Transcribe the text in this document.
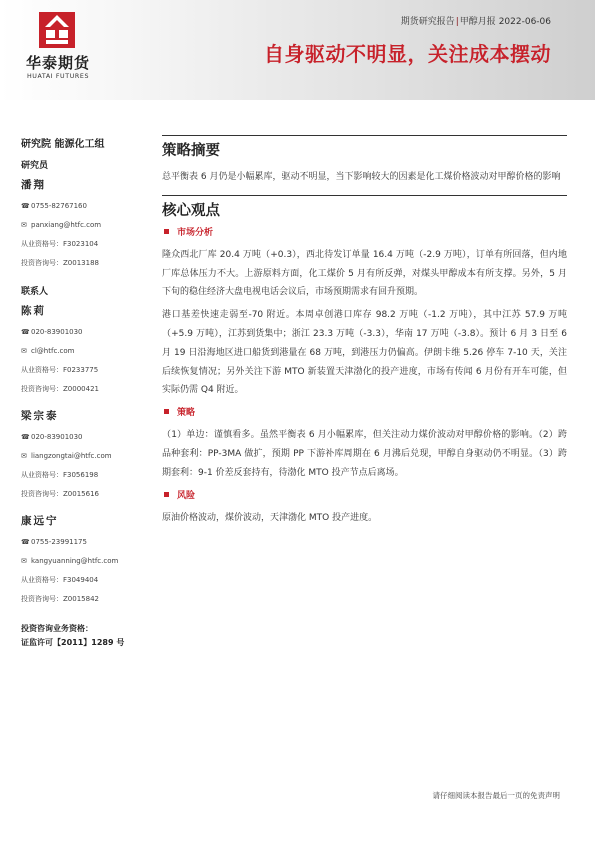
华泰期货
HUATAI FUTURES
期货研究报告|甲醇月报 2022-06-06
自身驱动不明显，关注成本摆动
研究院 能源化工组
研究员
潘翔
☎0755-82767160
✉ panxiang@htfc.com
从业资格号：F3023104
投资咨询号：Z0013188
联系人
陈莉
☎020-83901030
✉ cl@htfc.com
从业资格号：F0233775
投资咨询号：Z0000421
梁宗泰
☎020-83901030
✉ liangzongtai@htfc.com
从业资格号：F3056198
投资咨询号：Z0015616
康远宁
☎0755-23991175
✉ kangyuanning@htfc.com
从业资格号：F3049404
投资咨询号：Z0015842
投资咨询业务资格：
证监许可【2011】1289 号
策略摘要
总平衡表 6 月仍是小幅累库，驱动不明显，当下影响较大的因素是化工煤价格波动对甲醇价格的影响
核心观点
市场分析
隆众西北厂库 20.4 万吨（+0.3），西北待发订单量 16.4 万吨（-2.9 万吨），订单有所回落，但内地厂库总体压力不大。上游原料方面，化工煤价 5 月有所反弹，对煤头甲醇成本有所支撑。另外，5 月下旬的稳住经济大盘电视电话会议后，市场预期需求有回升预期。
港口基差快速走弱至-70 附近。本周卓创港口库存 98.2 万吨（-1.2 万吨），其中江苏 57.9 万吨（+5.9 万吨），江苏到货集中；浙江 23.3 万吨（-3.3），华南 17 万吨（-3.8）。预计 6 月 3 日至 6 月 19 日沿海地区进口船货到港量在 68 万吨，到港压力仍偏高。伊朗卡维 5.26 停车 7-10 天，关注后续恢复情况；另外关注下游 MTO 新装置天津渤化的投产进度，市场有传闻 6 月份有开车可能，但实际仍需 Q4 附近。
策略
（1）单边：谨慎看多。虽然平衡表 6 月小幅累库，但关注动力煤价波动对甲醇价格的影响。（2）跨品种套利：PP-3MA 做扩，预期 PP 下游补库周期在 6 月沸后兑现，甲醇自身驱动仍不明显。（3）跨期套利：9-1 价差反套持有，待渤化 MTO 投产节点后离场。
风险
原油价格波动，煤价波动，天津渤化 MTO 投产进度。
请仔细阅读本报告最后一页的免责声明
